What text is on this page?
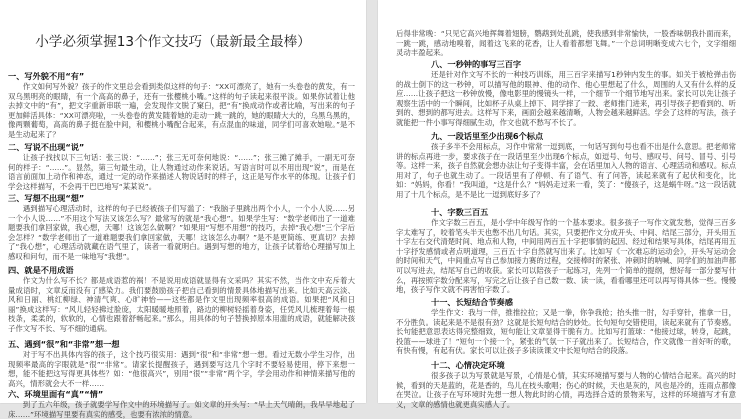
小学必须掌握13个作文技巧（最新最全最棒）
一、写外貌不用“有”

作文如何写外貌？孩子的作文里总会看到类似这样的句子：“XX可漂亮了，她有一头卷卷的黄发，有一双乌黑明亮的眼睛，有一个高高的鼻子，还有一张樱桃小嘴。”这样的句子读起来很平淡。如果你试着让他去掉文中的“有”，把文字重新串联一遍，会发现作文脱了窠臼，把“有”换成动作或者比喻，写出来的句子更加鲜活具体：“XX可漂亮啦，一头卷卷的黄发随着她的走动一跳一跳的，她的眼睛大大的，乌黑乌黑的，像两颗葡萄，高高的鼻子挺在脸中间，和樱桃小嘴配合起来，有点混血的味道，同学们可喜欢她啦。”是不是生动起来了？

二、写说不出现“说”

让孩子找找以下三句话：张三说：“……”；张三无可奈何地说：“……”；张三摊了摊手，一副无可奈何的样子：“……”。显然，第三句最生动，让人物通过动作来说话。写语言时可以不用出现“说”，而是在语言前面加上动作和神态，通过一定的动作来描述人物说话时的样子，这正是写作水平的体现。让孩子们学会这样描写，不会再干巴巴地写“某某说”。

三、写想不出现“想”

遇到描写心理活动时，这样的句子已经被孩子们写滥了：“我脑子里跳出两个小人，一个小人说……另一个小人说……”不用这个写法又该怎么写？最常写的就是“我心想”。如果学生写：“数学老师出了一道难题要我们拿回家做，我心想，天哪！这该怎么做啊？”如果用“写想不用想”的技巧，去掉“我心想”三个字后会怎样？“数学老师出了一道难题要我们拿回家做，天哪！这该怎么办啊？”是不是更简练、更真切？去掉了“我心想”，心理活动就藏在语气里了，读者一看就明白。遇到写想的地方，让孩子试着给心理描写加上感叹和问句，而不是一味地写“我想”。

四、就是不用成语

作文为什么写不长？都是成语惹的祸！不是说用成语就显得有文采吗？其实不然，当作文中充斥着大量成语时，文章反而没有了感染力。我们要鼓励孩子把自己看到的情景具体地描写出来。比如天高云淡、风和日丽、桃红柳绿、神清气爽、心旷神怡——这些都是作文里出现频率很高的成语。如果把“风和日丽”换成这样写：“风儿轻轻拂过脸庞，太阳暖暖地照着，路边的柳树轻摇着身姿，任凭风儿梳理着每一根枝条，柔柔的，软软的，心情也跟着舒畅起来。”那么，用具体的句子替换掉原本用滥的成语，就能解决孩子作文写不长、写不细的通病。

五、遇到“很”和“非常”想一想

对于写不出具体内容的孩子，这个技巧很实用：遇到“很”和“非常”想一想。看过无数小学生习作，出现频率最高的字眼就是“很”“非常”。请家长提醒孩子，遇到要写这几个字时不要轻易使用，停下来想一想，能不能把这写得更具体些？如：“他很高兴”，别用“很”“非常”两个字，学会用动作和神情来描写他的高兴，情形就会大不一样……

六、环境里面有“真”“情”

到了五六年级，孩子就要学写作文中的环境描写了。如文章的开头写：“早上天气晴朗，我早早地起了床……”环境描写里要有真实的感受，也要有浓浓的情意。

后得非常晚：“只见它高兴地挥舞着翅膀，鹦鹉到处乱跳，使我感到非常愉快，一股香味朝我扑面而来，一跳一跳，感动地嗅着，闻着这飞来的花香，让人看着都想飞舞。”一个总词明晰变成六七个，文字细细灵动丰盈起来。

八、一秒钟的事写三百字

还是针对作文写不长的一种技巧训练，用三百字来描写1秒钟内发生的事。如关于被枪弹击伤的战士倒下的这一秒钟，可以描写他的眼神、他的动作、他心里想起了什么，周围的人又有什么样的反应……让孩子把这一秒钟放慢，像电影里的慢镜头一样，一个细节一个细节地写出来。家长可以先让孩子观察生活中的一个瞬间，比如杯子从桌上掉下、同学摔了一跤、老师推门进来，再引导孩子把看到的、听到的、想到的都写进去。这样写下来，画面会越来越清晰，人物会越来越鲜活。学会了这样的写法，孩子就能把一件小事写得细腻生动，作文也就不愁写不长了。

九、一段话里至少出现6个标点

孩子多半不会用标点，习作中常常一逗到底，一句话写到句号也看不出是什么意思。把老师常讲的标点再进一步，要求孩子在一段话里至少出现6个标点，如逗号、句号、感叹号、问号、冒号、引号等。这样一来，孩子自然就会想办法让句子变得丰富，会在话里加入人物的语言、心理活动和感叹。标点用对了，句子也就生动了。一段话里有了停顿、有了语气、有了问答，读起来就有了起伏和变化，比如：“妈妈，你看！”我叫道，“这是什么？”妈妈走过来一看，笑了：“傻孩子，这是蜗牛呀。”这一段话就用了十几个标点，是不是比一逗到底好多了？

十、字数三百五

作文字数三百五，是小学中年级写作的一个基本要求。很多孩子一写作文就发愁，觉得三百多字太难写了，咬着笔头半天也憋不出几句话。其实，只要把作文分成开头、中间、结尾三部分，开头用五十字左右交代清楚时间、地点和人物，中间用两百五十字把事情的起因、经过和结果写具体，结尾再用五十字抒发感情或者点明道理，三百五十字自然就写出来了。比如写《一次难忘的运动会》，开头写运动会的时间和天气，中间重点写自己参加接力赛的过程，交接棒时的紧张、冲刺时的呐喊、同学们的加油声都可以写进去，结尾写自己的收获。家长可以陪孩子一起练习，先列一个简单的提纲，想好每一部分要写什么，再按照字数分配来写，写完之后让孩子自己数一数、读一读，看看哪里还可以再写得具体一些。慢慢地，孩子写作文就不再害怕字数了。

十一、长短结合节奏感

学生作文：我与一伴，推推拉拉；又是一拳，你争我抢；抬头推一肘，勾手穿针，推拿一日，不分胜负。读起来是不是很有劲？这就是长短句结合的妙处。长句短句交错使用，读起来就有了节奏感。长句能把意思表达得完整细致，短句能让文章显得干脆有力。比如写打篮球：“他接过球，转身，起跳，投篮——球进了！”短句一个接一个，紧张的气氛一下子就出来了。长短结合，作文就像一首好听的歌，有快有慢，有起有伏。家长可以让孩子多读读课文中长短句结合的段落。

十二、心情决定环境

很多孩子以为写景就是写景，心情是心情，其实环境描写要与人物的心情结合起来。高兴的时候，看到的天是蓝的，花是香的，鸟儿在枝头歌唱；伤心的时候，天也是灰的，风也是冷的，连雨点都像在哭泣。让孩子在写环境时先想一想人物此时的心情，再选择合适的景物来写，这样的环境描写才有意义，文章的感情也就更真实感人了。
